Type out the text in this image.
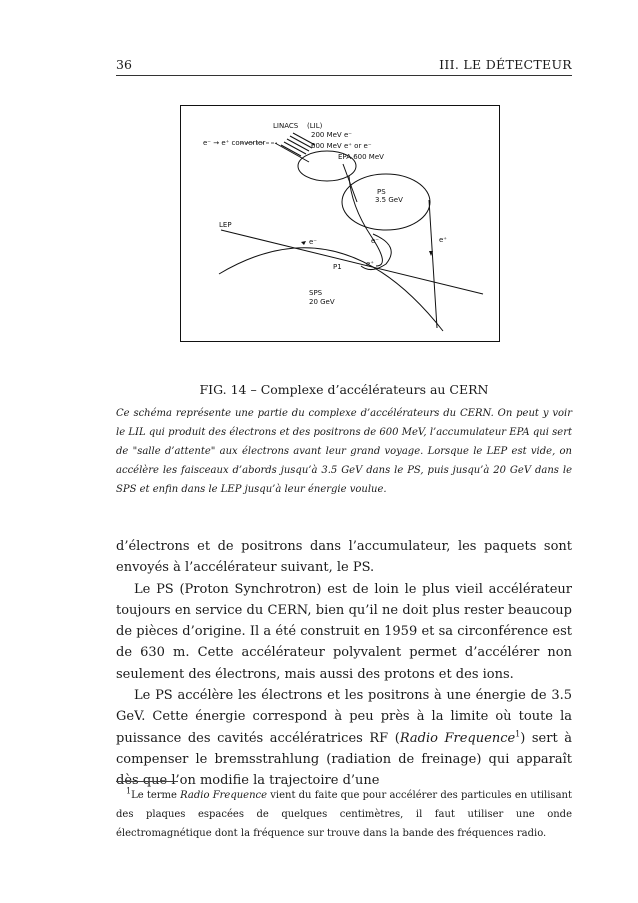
36	III. LE DÉTECTEUR
LINACS (LIL)
200 MeV e⁻
e⁻ → e⁺ converter	600 MeV e⁺ or e⁻
EPA 600 MeV
PS
3.5 GeV
LEP
e⁻	e⁻	e⁺
e⁺
P1
SPS
20 GeV
FIG. 14 – Complexe d’accélérateurs au CERN
Ce schéma représente une partie du complexe d’accélérateurs du CERN. On peut y voir le LIL qui produit des électrons et des positrons de 600 MeV, l’accumulateur EPA qui sert de "salle d’attente" aux électrons avant leur grand voyage. Lorsque le LEP est vide, on accélère les faisceaux d’abords jusqu’à 3.5 GeV dans le PS, puis jusqu’à 20 GeV dans le SPS et enfin dans le LEP jusqu’à leur énergie voulue.

d’électrons et de positrons dans l’accumulateur, les paquets sont envoyés à l’accélérateur suivant, le PS.

Le PS (Proton Synchrotron) est de loin le plus vieil accélérateur toujours en service du CERN, bien qu’il ne doit plus rester beaucoup de pièces d’origine. Il a été construit en 1959 et sa circonférence est de 630 m. Cette accélérateur polyvalent permet d’accélérer non seulement des électrons, mais aussi des protons et des ions.

Le PS accélère les électrons et les positrons à une énergie de 3.5 GeV. Cette énergie correspond à peu près à la limite où toute la puissance des cavités accélératrices RF (Radio Frequence$^1$) sert à compenser le bremsstrahlung (radiation de freinage) qui apparaît dès que l’on modifie la trajectoire d’une

$^1$Le terme Radio Frequence vient du faite que pour accélérer des particules en utilisant des plaques espacées de quelques centimètres, il faut utiliser une onde électromagnétique dont la fréquence sur trouve dans la bande des fréquences radio.
